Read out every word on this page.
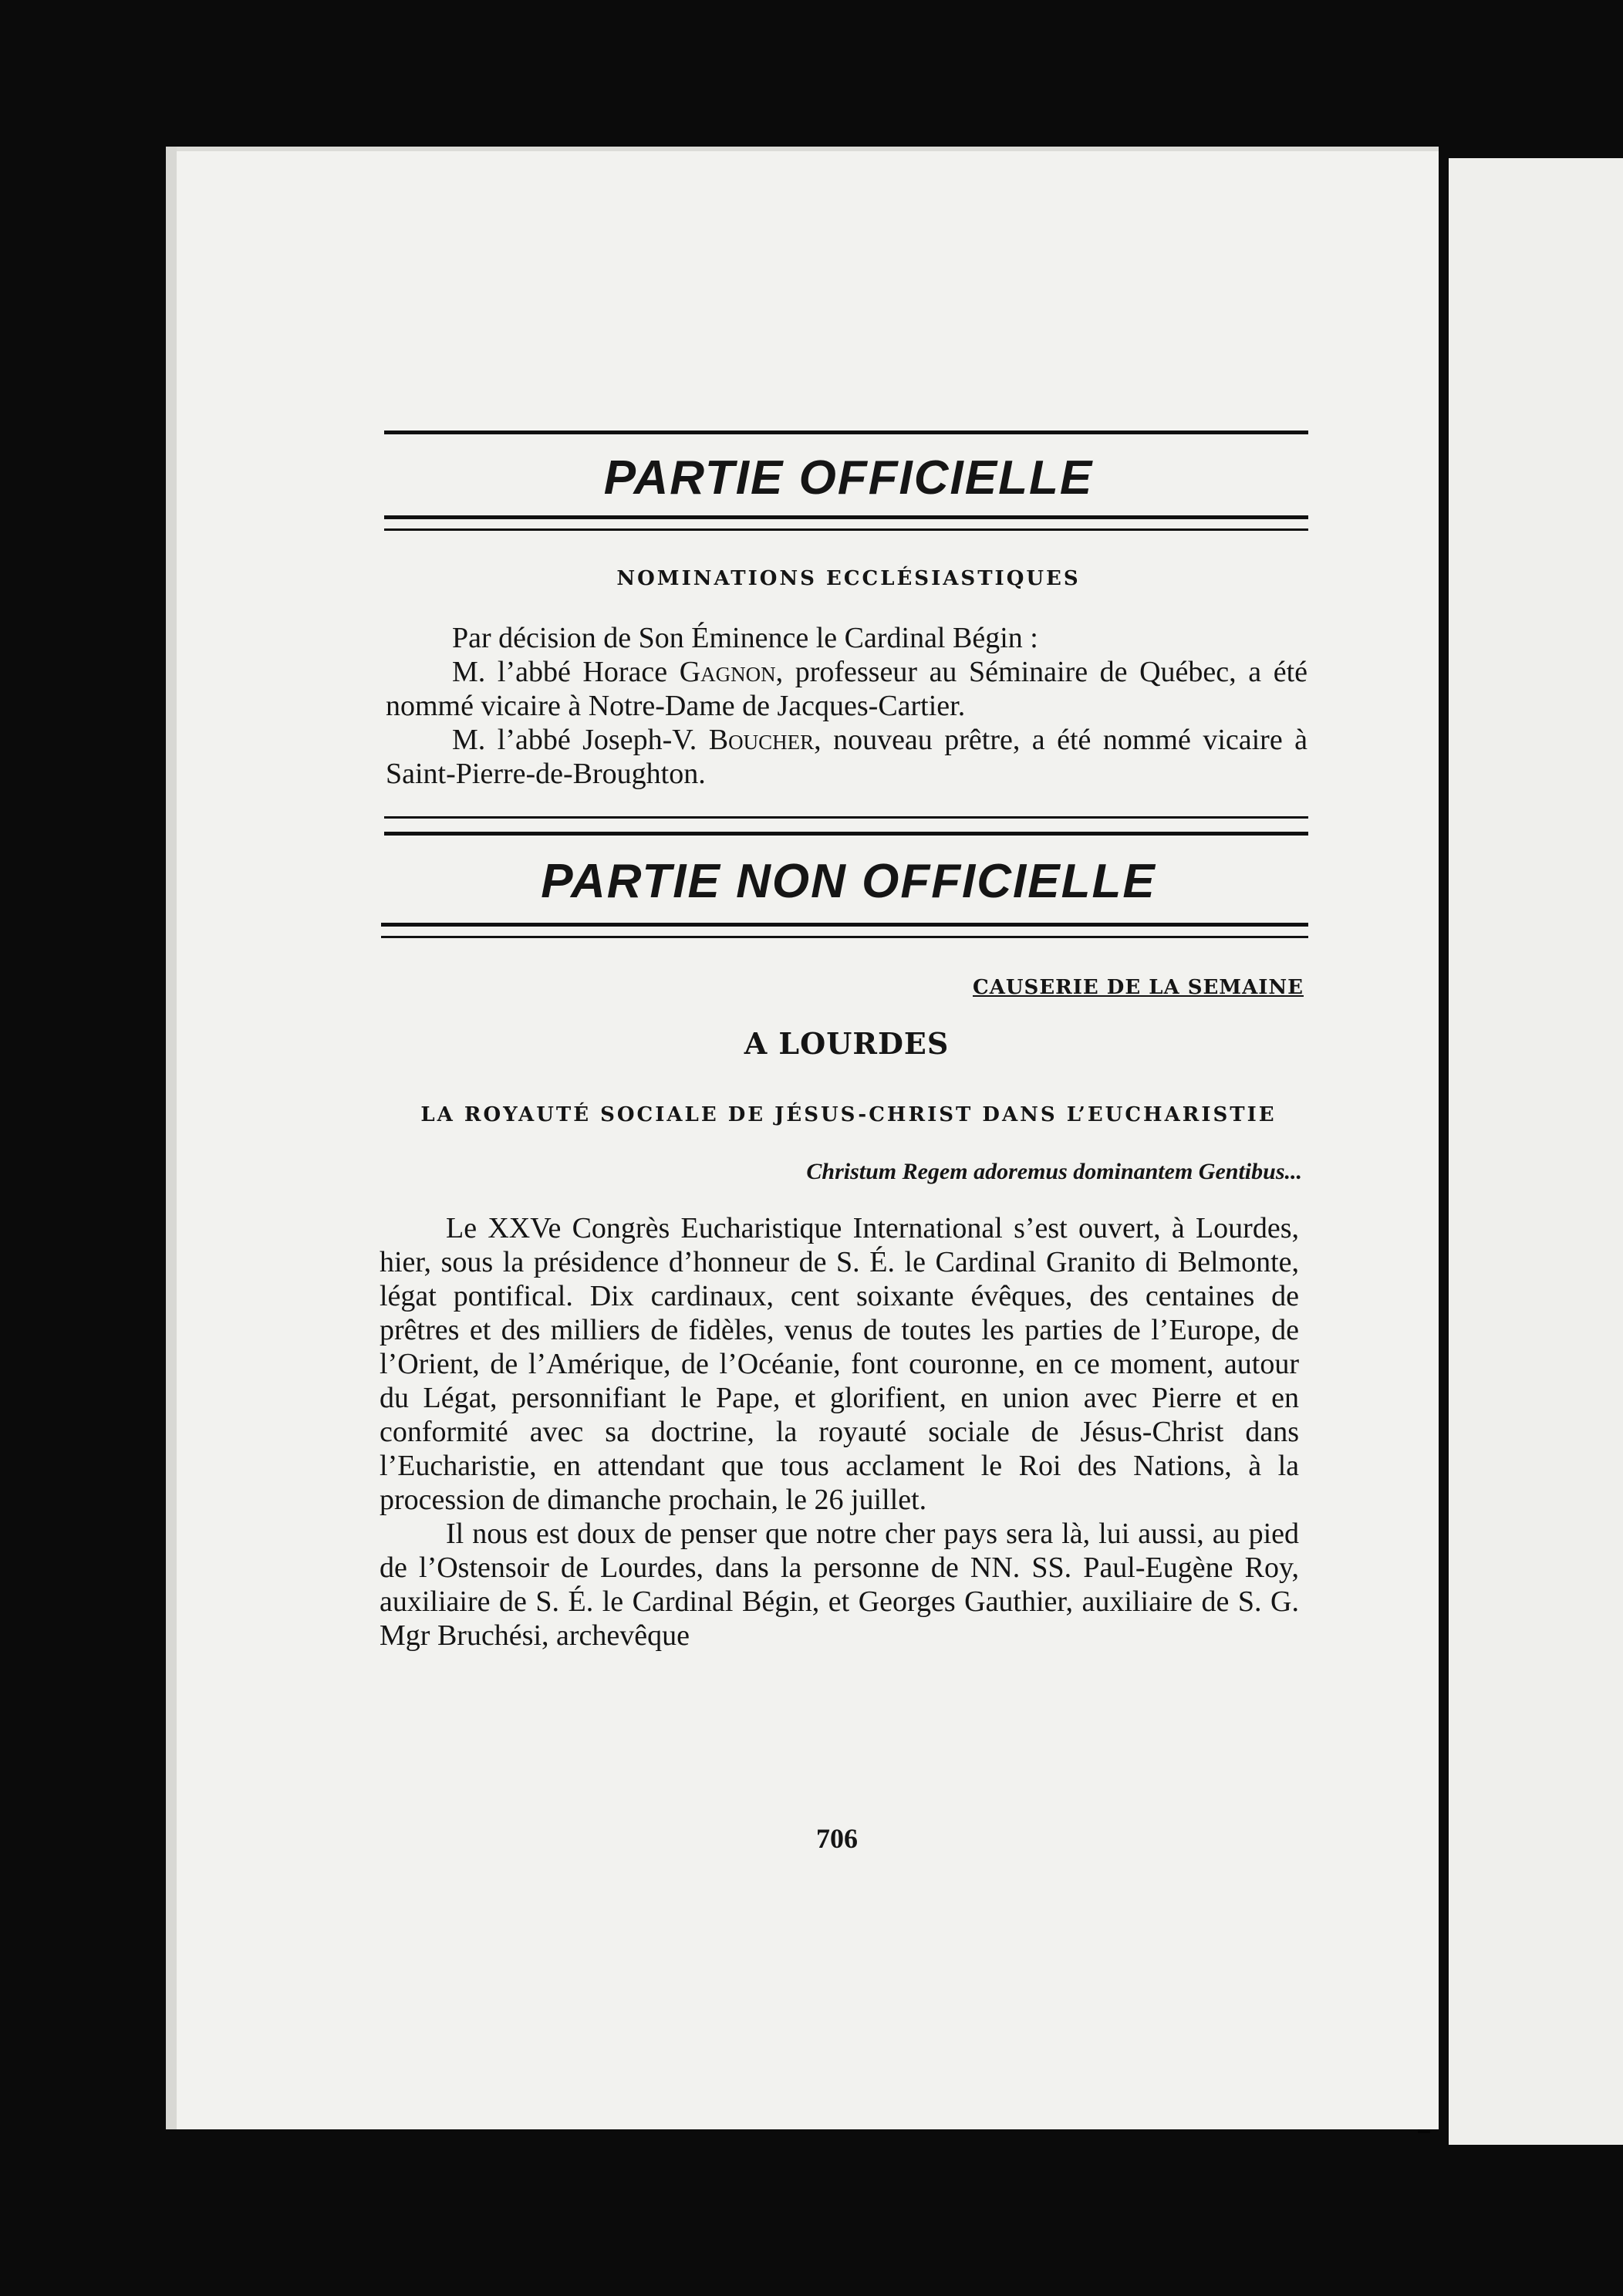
PARTIE OFFICIELLE
NOMINATIONS ECCLÉSIASTIQUES

Par décision de Son Éminence le Cardinal Bégin :

M. l’abbé Horace Gagnon, professeur au Séminaire de Québec, a été nommé vicaire à Notre-Dame de Jacques-Cartier.

M. l’abbé Joseph-V. Boucher, nouveau prêtre, a été nommé vicaire à Saint-Pierre-de-Broughton.

PARTIE NON OFFICIELLE
CAUSERIE DE LA SEMAINE
A LOURDES
LA ROYAUTÉ SOCIALE DE JÉSUS-CHRIST DANS L’EUCHARISTIE
Christum Regem adoremus dominantem Gentibus...

Le XXVe Congrès Eucharistique International s’est ouvert, à Lourdes, hier, sous la présidence d’honneur de S. É. le Cardinal Granito di Belmonte, légat pontifical. Dix cardinaux, cent soixante évêques, des centaines de prêtres et des milliers de fidèles, venus de toutes les parties de l’Europe, de l’Orient, de l’Amérique, de l’Océanie, font couronne, en ce moment, autour du Légat, personnifiant le Pape, et glorifient, en union avec Pierre et en conformité avec sa doctrine, la royauté sociale de Jésus-Christ dans l’Eucharistie, en attendant que tous acclament le Roi des Nations, à la procession de dimanche prochain, le 26 juillet.

Il nous est doux de penser que notre cher pays sera là, lui aussi, au pied de l’Ostensoir de Lourdes, dans la personne de NN. SS. Paul-Eugène Roy, auxiliaire de S. É. le Cardinal Bégin, et Georges Gauthier, auxiliaire de S. G. Mgr Bruchési, archevêque

706
